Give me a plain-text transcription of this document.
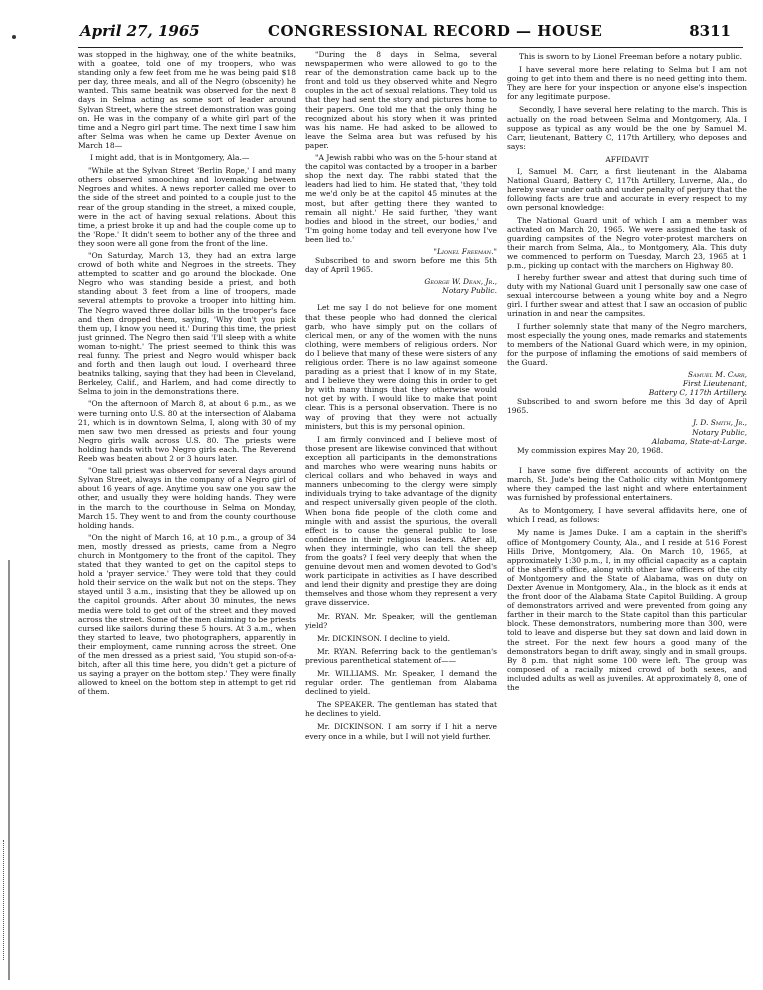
April 27, 1965	CONGRESSIONAL RECORD — HOUSE	8311

was stopped in the highway, one of the white beatniks, with a goatee, told one of my troopers, who was standing only a few feet from me he was being paid $18 per day, three meals, and all of the Negro (obscenity) he wanted. This same beatnik was observed for the next 8 days in Selma acting as some sort of leader around Sylvan Street, where the street demonstration was going on. He was in the company of a white girl part of the time and a Negro girl part time. The next time I saw him after Selma was when he came up Dexter Avenue on March 18—

I might add, that is in Montgomery, Ala.—

"While at the Sylvan Street 'Berlin Rope,' I and many others observed smooching and lovemaking between Negroes and whites. A news reporter called me over to the side of the street and pointed to a couple just to the rear of the group standing in the street, a mixed couple, were in the act of having sexual relations. About this time, a priest broke it up and had the couple come up to the 'Rope.' It didn't seem to bother any of the three and they soon were all gone from the front of the line.

"On Saturday, March 13, they had an extra large crowd of both white and Negroes in the streets. They attempted to scatter and go around the blockade. One Negro who was standing beside a priest, and both standing about 3 feet from a line of troopers, made several attempts to provoke a trooper into hitting him. The Negro waved three dollar bills in the trooper's face and then dropped them, saying, 'Why don't you pick them up, I know you need it.' During this time, the priest just grinned. The Negro then said 'I'll sleep with a white woman to-night.' The priest seemed to think this was real funny. The priest and Negro would whisper back and forth and then laugh out loud. I overheard three beatniks talking, saying that they had been in Cleveland, Berkeley, Calif., and Harlem, and had come directly to Selma to join in the demonstrations there.

"On the afternoon of March 8, at about 6 p.m., as we were turning onto U.S. 80 at the intersection of Alabama 21, which is in downtown Selma, I, along with 30 of my men saw two men dressed as priests and four young Negro girls walk across U.S. 80. The priests were holding hands with two Negro girls each. The Reverend Reeb was beaten about 2 or 3 hours later.

"One tall priest was observed for several days around Sylvan Street, always in the company of a Negro girl of about 16 years of age. Anytime you saw one you saw the other, and usually they were holding hands. They were in the march to the courthouse in Selma on Monday, March 15. They went to and from the county courthouse holding hands.

"On the night of March 16, at 10 p.m., a group of 34 men, mostly dressed as priests, came from a Negro church in Montgomery to the front of the capitol. They stated that they wanted to get on the capitol steps to hold a 'prayer service.' They were told that they could hold their service on the walk but not on the steps. They stayed until 3 a.m., insisting that they be allowed up on the capitol grounds. After about 30 minutes, the news media were told to get out of the street and they moved across the street. Some of the men claiming to be priests cursed like sailors during these 5 hours. At 3 a.m., when they started to leave, two photographers, apparently in their employment, came running across the street. One of the men dressed as a priest said, 'You stupid son-of-a-bitch, after all this time here, you didn't get a picture of us saying a prayer on the bottom step.' They were finally allowed to kneel on the bottom step in attempt to get rid of them.

"During the 8 days in Selma, several newspapermen who were allowed to go to the rear of the demonstration came back up to the front and told us they observed white and Negro couples in the act of sexual relations. They told us that they had sent the story and pictures home to their papers. One told me that the only thing he recognized about his story when it was printed was his name. He had asked to be allowed to leave the Selma area but was refused by his paper.

"A Jewish rabbi who was on the 5-hour stand at the capitol was contacted by a trooper in a barber shop the next day. The rabbi stated that the leaders had lied to him. He stated that, 'they told me we'd only be at the capitol 45 minutes at the most, but after getting there they wanted to remain all night.' He said further, 'they want bodies and blood in the street, our bodies,' and 'I'm going home today and tell everyone how I've been lied to.'

"Lionel Freeman."

Subscribed to and sworn before me this 5th day of April 1965.

George W. Dean, Jr.,

Notary Public.

Let me say I do not believe for one moment that these people who had donned the clerical garb, who have simply put on the collars of clerical men, or any of the women with the nuns clothing, were members of religious orders. Nor do I believe that many of these were sisters of any religious order. There is no law against someone parading as a priest that I know of in my State, and I believe they were doing this in order to get by with many things that they otherwise would not get by with. I would like to make that point clear. This is a personal observation. There is no way of proving that they were not actually ministers, but this is my personal opinion.

I am firmly convinced and I believe most of those present are likewise convinced that without exception all participants in the demonstrations and marches who were wearing nuns habits or clerical collars and who behaved in ways and manners unbecoming to the clergy were simply individuals trying to take advantage of the dignity and respect universally given people of the cloth. When bona fide people of the cloth come and mingle with and assist the spurious, the overall effect is to cause the general public to lose confidence in their religious leaders. After all, when they intermingle, who can tell the sheep from the goats? I feel very deeply that when the genuine devout men and women devoted to God's work participate in activities as I have described and lend their dignity and prestige they are doing themselves and those whom they represent a very grave disservice.

Mr. RYAN. Mr. Speaker, will the gentleman yield?

Mr. DICKINSON. I decline to yield.

Mr. RYAN. Referring back to the gentleman's previous parenthetical statement of——

Mr. WILLIAMS. Mr. Speaker, I demand the regular order. The gentleman from Alabama declined to yield.

The SPEAKER. The gentleman has stated that he declines to yield.

Mr. DICKINSON. I am sorry if I hit a nerve every once in a while, but I will not yield further.

This is sworn to by Lionel Freeman before a notary public.

I have several more here relating to Selma but I am not going to get into them and there is no need getting into them. They are here for your inspection or anyone else's inspection for any legitimate purpose.

Secondly, I have several here relating to the march. This is actually on the road between Selma and Montgomery, Ala. I suppose as typical as any would be the one by Samuel M. Carr, lieutenant, Battery C, 117th Artillery, who deposes and says:

AFFIDAVIT

I, Samuel M. Carr, a first lieutenant in the Alabama National Guard, Battery C, 117th Artillery, Luverne, Ala., do hereby swear under oath and under penalty of perjury that the following facts are true and accurate in every respect to my own personal knowledge:

The National Guard unit of which I am a member was activated on March 20, 1965. We were assigned the task of guarding campsites of the Negro voter-protest marchers on their march from Selma, Ala., to Montgomery, Ala. This duty we commenced to perform on Tuesday, March 23, 1965 at 1 p.m., picking up contact with the marchers on Highway 80.

I hereby further swear and attest that during such time of duty with my National Guard unit I personally saw one case of sexual intercourse between a young white boy and a Negro girl. I further swear and attest that I saw an occasion of public urination in and near the campsites.

I further solemnly state that many of the Negro marchers, most especially the young ones, made remarks and statements to members of the National Guard which were, in my opinion, for the purpose of inflaming the emotions of said members of the Guard.

Samuel M. Carr,

First Lieutenant,

Battery C, 117th Artillery.

Subscribed to and sworn before me this 3d day of April 1965.

J. D. Smith, Jr.,

Notary Public,

Alabama, State-at-Large.

My commission expires May 20, 1968.

I have some five different accounts of activity on the march, St. Jude's being the Catholic city within Montgomery where they camped the last night and where entertainment was furnished by professional entertainers.

As to Montgomery, I have several affidavits here, one of which I read, as follows:

My name is James Duke. I am a captain in the sheriff's office of Montgomery County, Ala., and I reside at 516 Forest Hills Drive, Montgomery, Ala. On March 10, 1965, at approximately 1:30 p.m., I, in my official capacity as a captain of the sheriff's office, along with other law officers of the city of Montgomery and the State of Alabama, was on duty on Dexter Avenue in Montgomery, Ala., in the block as it ends at the front door of the Alabama State Capitol Building. A group of demonstrators arrived and were prevented from going any farther in their march to the State capitol than this particular block. These demonstrators, numbering more than 300, were told to leave and disperse but they sat down and laid down in the street. For the next few hours a good many of the demonstrators began to drift away, singly and in small groups. By 8 p.m. that night some 100 were left. The group was composed of a racially mixed crowd of both sexes, and included adults as well as juveniles. At approximately 8, one of the
